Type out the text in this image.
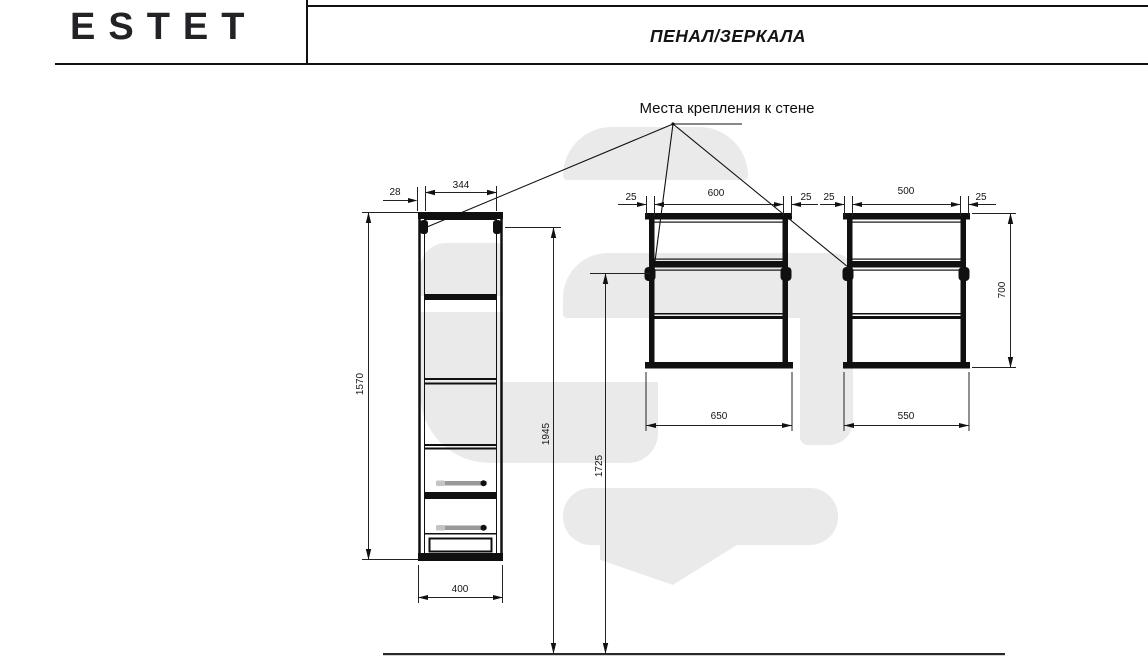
ESTET	ПЕНАЛ/ЗЕРКАЛА
Места крепления к стене
344
28
1570
400
1945
1725
25	600	25
650
25
500
25
550
700
